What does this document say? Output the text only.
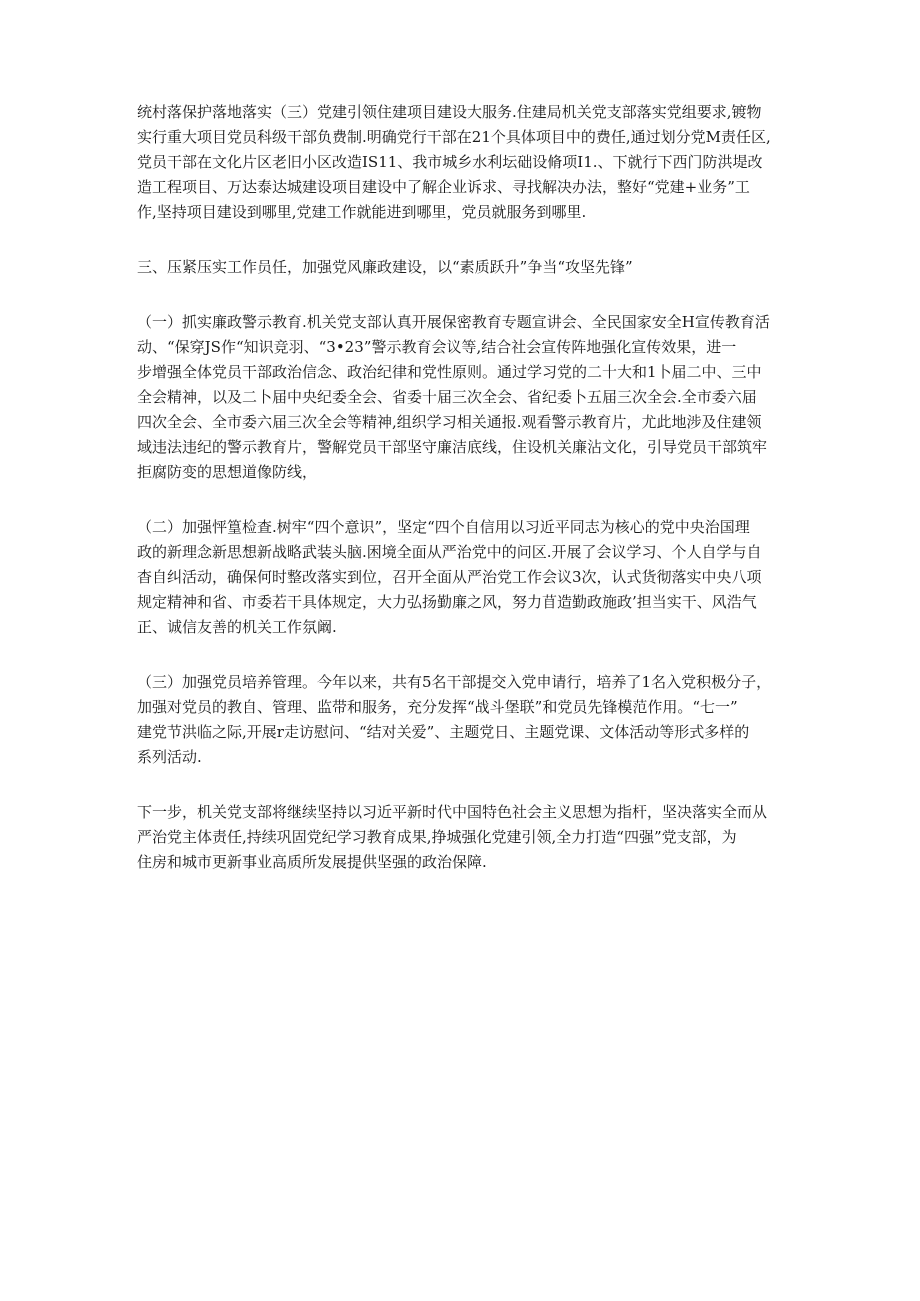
统村落保护落地落实（三）党建引领住建项目建设大服务.住建局机关党支部落实党组要求,镀物
实行重大项目党员科级干部负费制.明确党行干部在21个具体项目中的费任,通过划分党M责任区,
党员干部在文化片区老旧小区改造IS11、我市城乡水利坛础设脩项I1.、下就行下西门防洪堤改
造工程项目、万达泰达城建设项目建设中了解企业诉求、寻找解决办法，整好“党建+业务”工
作,坚持项目建设到哪里,党建工作就能进到哪里，党员就服务到哪里.
三、压紧压实工作员任，加强党风廉政建设，以“素质跃升”争当“攻坚先锋”
（一）抓实廉政警示教育.机关党支部认真开展保密教育专题宣讲会、全民国家安全H宣传教育活
动、“保穿JS作“知识竞羽、“3•23”警示教育会议等,结合社会宣传阵地强化宣传效果，进一
步增强全体党员干部政治信念、政治纪律和党性原则。通过学习党的二十大和1卜届二中、三中
全会精神，以及二卜届中央纪委全会、省委十届三次全会、省纪委卜五届三次全会.全市委六届
四次全会、全市委六届三次全会等精神,组织学习相关通报.观看警示教育片，尤此地涉及住建领
域违法违纪的警示教育片，警解党员干部坚守廉洁底线，住设机关廉沾文化，引导党员干部筑牢
拒腐防变的思想道像防线，
（二）加强怦篁检查.树牢“四个意识”，坚定“四个自信用以习近平同志为核心的党中央治国理
政的新理念新思想新战略武装头脑.困境全面从严治党中的问区.开展了会议学习、个人自学与自
杳自纠活动，确保何时整改落实到位，召开全面从严治党工作会议3次，认式货彻落实中央八项
规定精神和省、市委若干具体规定，大力弘扬勤廉之风，努力苜造勤政施政’担当实干、风浩气
正、诚信友善的机关工作氛阚.
（三）加强党员培养管理。今年以来，共有5名干部提交入党申请行，培养了1名入党积极分子，
加强对党员的教自、管理、监带和服务，充分发挥“战斗堡联”和党员先锋模范作用。“七一”
建党节洪临之际,开展r走访慰问、“结对关爱”、主题党日、主题党课、文体活动等形式多样的
系列活动.
下一步，机关党支部将继续坚持以习近平新时代中国特色社会主义思想为指杆，坚决落实全而从
严治党主体责任,持续巩固党纪学习教育成果,挣城强化党建引领,全力打造“四强”党支部，为
住房和城市更新事业高质所发展提供坚强的政治保障.
